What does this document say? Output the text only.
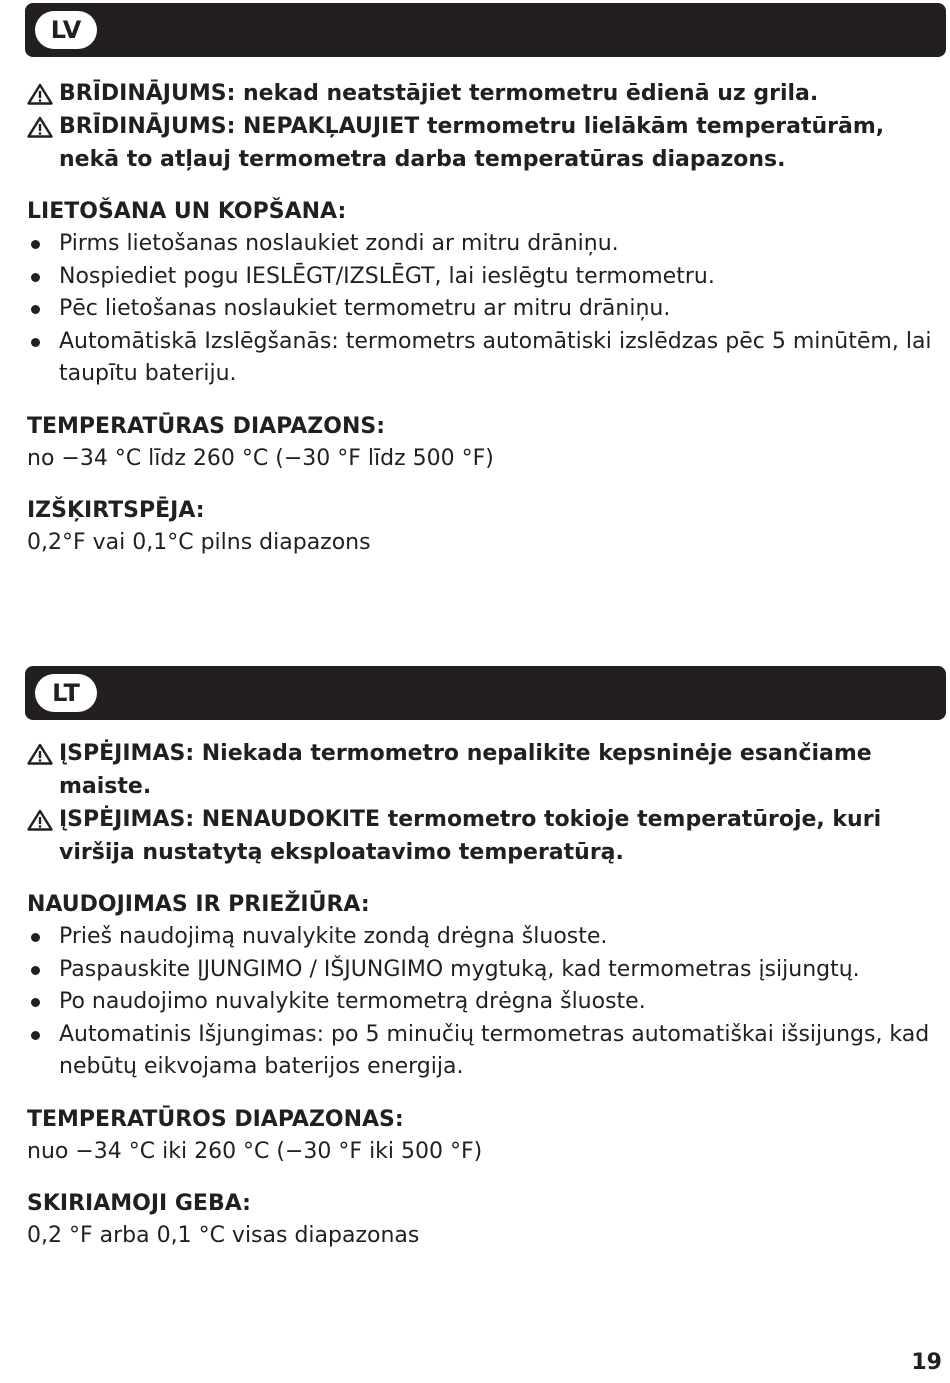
LV
BRĪDINĀJUMS: nekad neatstājiet termometru ēdienā uz grila.
BRĪDINĀJUMS: NEPAKĻAUJIET termometru lielākām temperatūrām, nekā to atļauj termometra darba temperatūras diapazons.
LIETOŠANA UN KOPŠANA:
Pirms lietošanas noslaukiet zondi ar mitru drāniņu.
Nospiediet pogu IESLĒGT/IZSLĒGT, lai ieslēgtu termometru.
Pēc lietošanas noslaukiet termometru ar mitru drāniņu.
Automātiskā Izslēgšanās: termometrs automātiski izslēdzas pēc 5 minūtēm, lai taupītu bateriju.
TEMPERATŪRAS DIAPAZONS:
no −34 °C līdz 260 °C (−30 °F līdz 500 °F)
IZŠĶIRTSPĒJA:
0,2°F vai 0,1°C pilns diapazons
LT
ĮSPĖJIMAS: Niekada termometro nepalikite kepsninėje esančiame maiste.
ĮSPĖJIMAS: NENAUDOKITE termometro tokioje temperatūroje, kuri viršija nustatytą eksploatavimo temperatūrą.
NAUDOJIMAS IR PRIEŽIŪRA:
Prieš naudojimą nuvalykite zondą drėgna šluoste.
Paspauskite ĮJUNGIMO / IŠJUNGIMO mygtuką, kad termometras įsijungtų.
Po naudojimo nuvalykite termometrą drėgna šluoste.
Automatinis Išjungimas: po 5 minučių termometras automatiškai išsijungs, kad nebūtų eikvojama baterijos energija.
TEMPERATŪROS DIAPAZONAS:
nuo −34 °C iki 260 °C (−30 °F iki 500 °F)
SKIRIAMOJI GEBA:
0,2 °F arba 0,1 °C visas diapazonas
19
